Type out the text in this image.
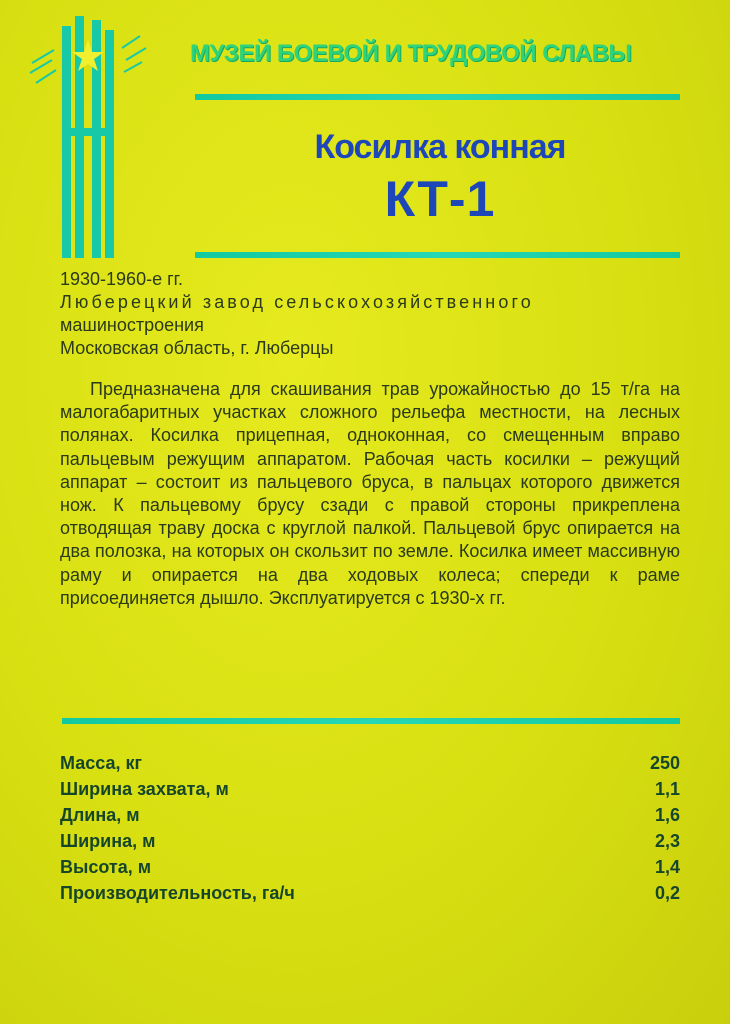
МУЗЕЙ БОЕВОЙ И ТРУДОВОЙ СЛАВЫ
Косилка конная
КТ-1
1930-1960-е гг.
Люберецкий завод сельскохозяйственного
машиностроения
Московская область, г. Люберцы
Предназначена для скашивания трав урожайностью до 15 т/га на малогабаритных участках сложного рельефа местности, на лесных полянах. Косилка прицепная, одноконная, со смещенным вправо пальцевым режущим аппаратом. Рабочая часть косилки – режущий аппарат – состоит из пальцевого бруса, в пальцах которого движется нож. К пальцевому брусу сзади с правой стороны прикреплена отводящая траву доска с круглой палкой. Пальцевой брус опирается на два полозка, на которых он скользит по земле. Косилка имеет массивную раму и опирается на два ходовых колеса; спереди к раме присоединяется дышло. Эксплуатируется с 1930-х гг.
Масса, кг	250
Ширина захвата, м	1,1
Длина, м	1,6
Ширина, м	2,3
Высота, м	1,4
Производительность, га/ч	0,2
